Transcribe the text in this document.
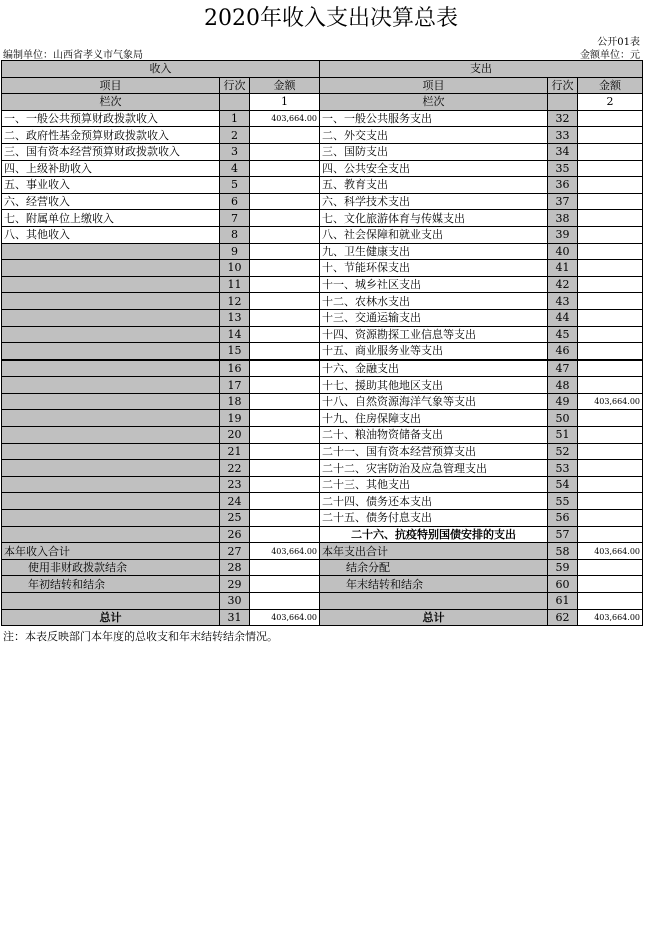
2020年收入支出决算总表
公开01表
编制单位：山西省孝义市气象局	金额单位：元
收入			支出		
项目	行次	金额	项目	行次	金额
栏次		1	栏次		2
一、一般公共预算财政拨款收入	1	403,664.00	一、一般公共服务支出	32	
二、政府性基金预算财政拨款收入	2		二、外交支出	33	
三、国有资本经营预算财政拨款收入	3		三、国防支出	34	
四、上级补助收入	4		四、公共安全支出	35	
五、事业收入	5		五、教育支出	36	
六、经营收入	6		六、科学技术支出	37	
七、附属单位上缴收入	7		七、文化旅游体育与传媒支出	38	
八、其他收入	8		八、社会保障和就业支出	39	
	9		九、卫生健康支出	40	
	10		十、节能环保支出	41	
	11		十一、城乡社区支出	42	
	12		十二、农林水支出	43	
	13		十三、交通运输支出	44	
	14		十四、资源勘探工业信息等支出	45	
	15		十五、商业服务业等支出	46	
	16		十六、金融支出	47	
	17		十七、援助其他地区支出	48	
	18		十八、自然资源海洋气象等支出	49	403,664.00
	19		十九、住房保障支出	50	
	20		二十、粮油物资储备支出	51	
	21		二十一、国有资本经营预算支出	52	
	22		二十二、灾害防治及应急管理支出	53	
	23		二十三、其他支出	54	
	24		二十四、债务还本支出	55	
	25		二十五、债务付息支出	56	
	26		二十六、抗疫特别国债安排的支出	57	
本年收入合计	27	403,664.00	本年支出合计	58	403,664.00
使用非财政拨款结余	28		结余分配	59	
年初结转和结余	29		年末结转和结余	60	
	30			61	
总计	31	403,664.00	总计	62	403,664.00
注：本表反映部门本年度的总收支和年末结转结余情况。
